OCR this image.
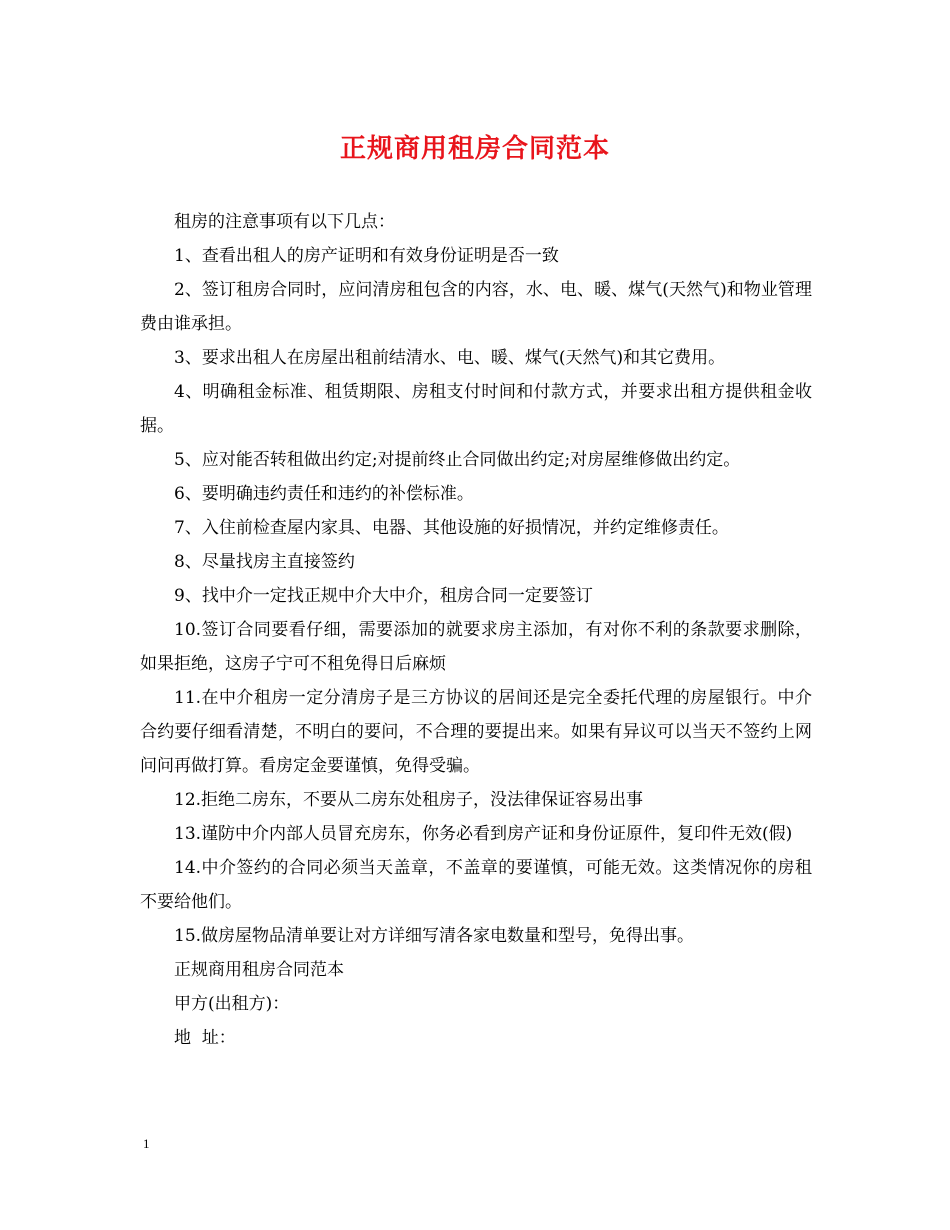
正规商用租房合同范本

租房的注意事项有以下几点：

1、查看出租人的房产证明和有效身份证明是否一致

2、签订租房合同时，应问清房租包含的内容，水、电、暖、煤气(天然气)和物业管理费由谁承担。

3、要求出租人在房屋出租前结清水、电、暖、煤气(天然气)和其它费用。

4、明确租金标准、租赁期限、房租支付时间和付款方式，并要求出租方提供租金收据。

5、应对能否转租做出约定;对提前终止合同做出约定;对房屋维修做出约定。

6、要明确违约责任和违约的补偿标准。

7、入住前检查屋内家具、电器、其他设施的好损情况，并约定维修责任。

8、尽量找房主直接签约

9、找中介一定找正规中介大中介，租房合同一定要签订

10.签订合同要看仔细，需要添加的就要求房主添加，有对你不利的条款要求删除，如果拒绝，这房子宁可不租免得日后麻烦

11.在中介租房一定分清房子是三方协议的居间还是完全委托代理的房屋银行。中介合约要仔细看清楚，不明白的要问，不合理的要提出来。如果有异议可以当天不签约上网问问再做打算。看房定金要谨慎，免得受骗。

12.拒绝二房东，不要从二房东处租房子，没法律保证容易出事

13.谨防中介内部人员冒充房东，你务必看到房产证和身份证原件，复印件无效(假)

14.中介签约的合同必须当天盖章，不盖章的要谨慎，可能无效。这类情况你的房租不要给他们。

15.做房屋物品清单要让对方详细写清各家电数量和型号，免得出事。

正规商用租房合同范本

甲方(出租方)：

地  址：

1
